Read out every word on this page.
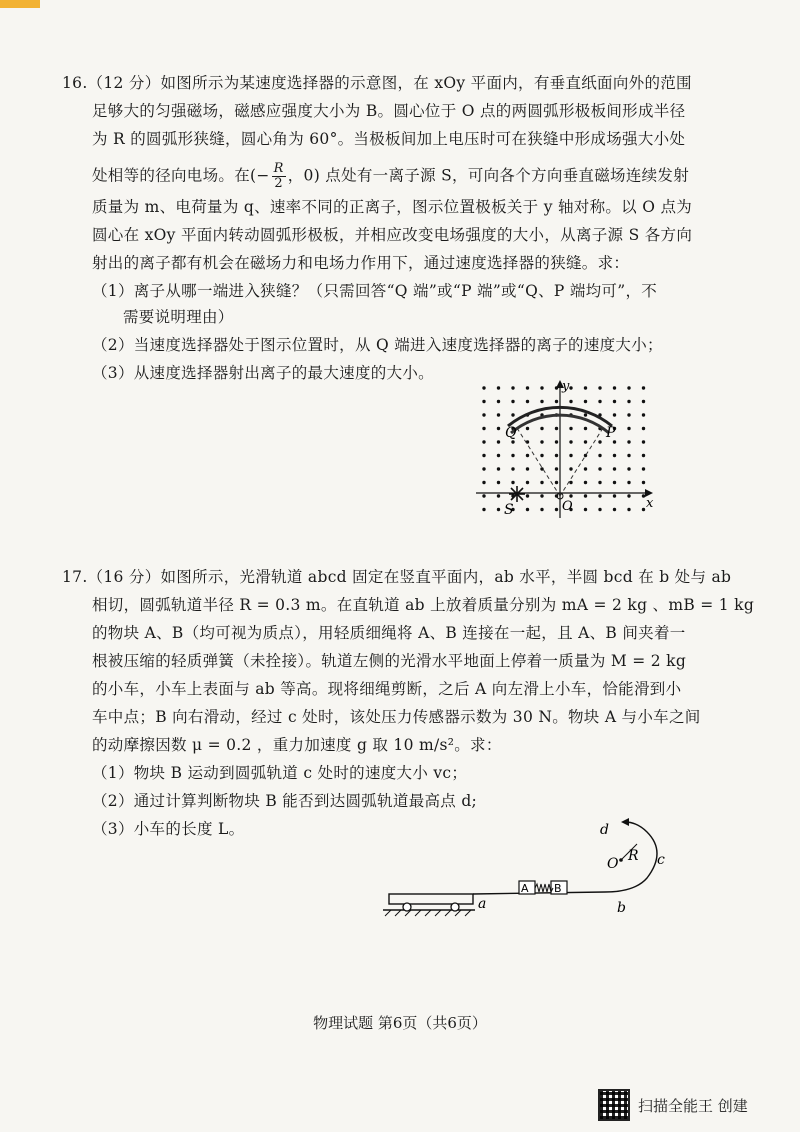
16.（12 分）如图所示为某速度选择器的示意图，在 xOy 平面内，有垂直纸面向外的范围
足够大的匀强磁场，磁感应强度大小为 B。圆心位于 O 点的两圆弧形极板间形成半径
为 R 的圆弧形狭缝，圆心角为 60°。当极板间加上电压时可在狭缝中形成场强大小处
处相等的径向电场。在(− $\frac{R}{2}$ ，0) 点处有一离子源 S，可向各个方向垂直磁场连续发射
质量为 m、电荷量为 q、速率不同的正离子，图示位置极板关于 y 轴对称。以 O 点为
圆心在 xOy 平面内转动圆弧形极板，并相应改变电场强度的大小，从离子源 S 各方向
射出的离子都有机会在磁场力和电场力作用下，通过速度选择器的狭缝。求：
（1）离子从哪一端进入狭缝？（只需回答“Q 端”或“P 端”或“Q、P 端均可”，不
需要说明理由）
（2）当速度选择器处于图示位置时，从 Q 端进入速度选择器的离子的速度大小；
（3）从速度选择器射出离子的最大速度的大小。
y
x
Q	P
S	O
17.（16 分）如图所示，光滑轨道 abcd 固定在竖直平面内，ab 水平，半圆 bcd 在 b 处与 ab
相切，圆弧轨道半径 R = 0.3 m。在直轨道 ab 上放着质量分别为 mA = 2 kg 、mB = 1 kg
的物块 A、B（均可视为质点），用轻质细绳将 A、B 连接在一起，且 A、B 间夹着一
根被压缩的轻质弹簧（未拴接）。轨道左侧的光滑水平地面上停着一质量为 M = 2 kg
的小车，小车上表面与 ab 等高。现将细绳剪断，之后 A 向左滑上小车，恰能滑到小
车中点；B 向右滑动，经过 c 处时，该处压力传感器示数为 30 N。物块 A 与小车之间
的动摩擦因数 μ = 0.2 ，重力加速度 g 取 10 m/s²。求：
（1）物块 B 运动到圆弧轨道 c 处时的速度大小 vc；
（2）通过计算判断物块 B 能否到达圆弧轨道最高点 d;
（3）小车的长度 L。
A B
a	b
c
d
O R
物理试题 第6页（共6页）
扫描全能王 创建
